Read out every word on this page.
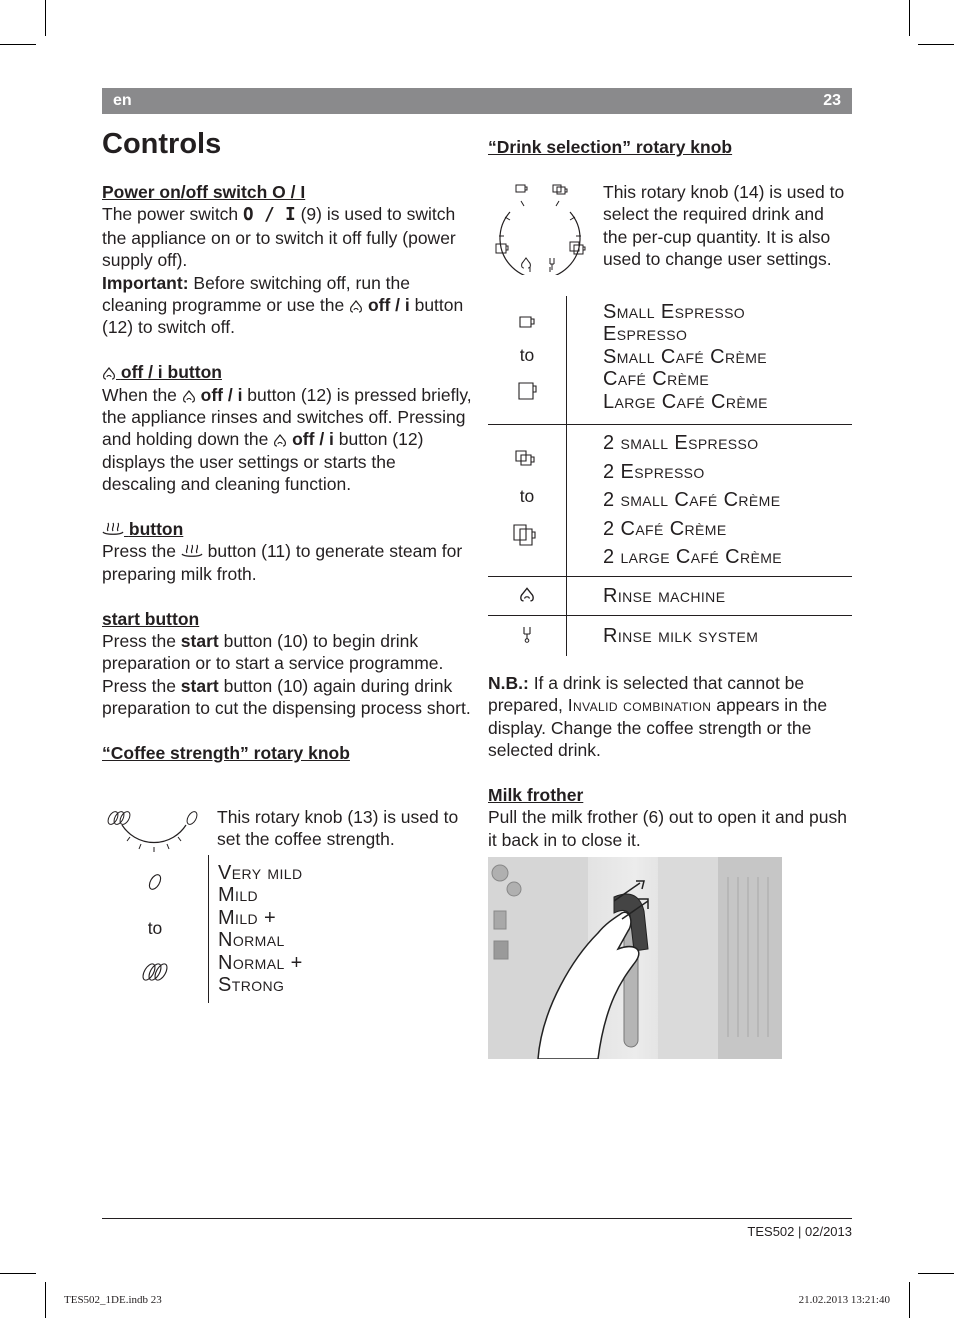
en	23
Controls
Power on/off switch O / I

The power switch O / I (9) is used to switch the appliance on or to switch it off fully (power supply off).

Important: Before switching off, run the cleaning programme or use the  off / i button (12) to switch off.

off / i button

When the  off / i button (12) is pressed briefly, the appliance rinses and switches off. Pressing and holding down the  off / i button (12) displays the user settings or starts the descaling and cleaning function.

button

Press the  button (11) to generate steam for preparing milk froth.

start button

Press the start button (10) to begin drink preparation or to start a service programme. Press the start button (10) again during drink preparation to cut the dispensing process short.

“Coffee strength” rotary knob
This rotary knob (13) is used to set the coffee strength.
to

Very mild
Mild
Mild +
Normal
Normal +
Strong
“Drink selection” rotary knob
This rotary knob (14) is used to select the required drink and the per-cup quantity. It is also used to change user settings.
to	Small Espresso
Espresso
Small Café Crème
Café Crème
Large Café Crème

to	2 small Espresso
2 Espresso
2 small Café Crème
2 Café Crème
2 large Café Crème

Rinse machine

Rinse milk system

N.B.: If a drink is selected that cannot be prepared, Invalid combination appears in the display. Change the coffee strength or the selected drink.

Milk frother

Pull the milk frother (6) out to open it and push it back in to close it.

TES502 | 02/2013
TES502_1DE.indb 23	21.02.2013 13:21:40
